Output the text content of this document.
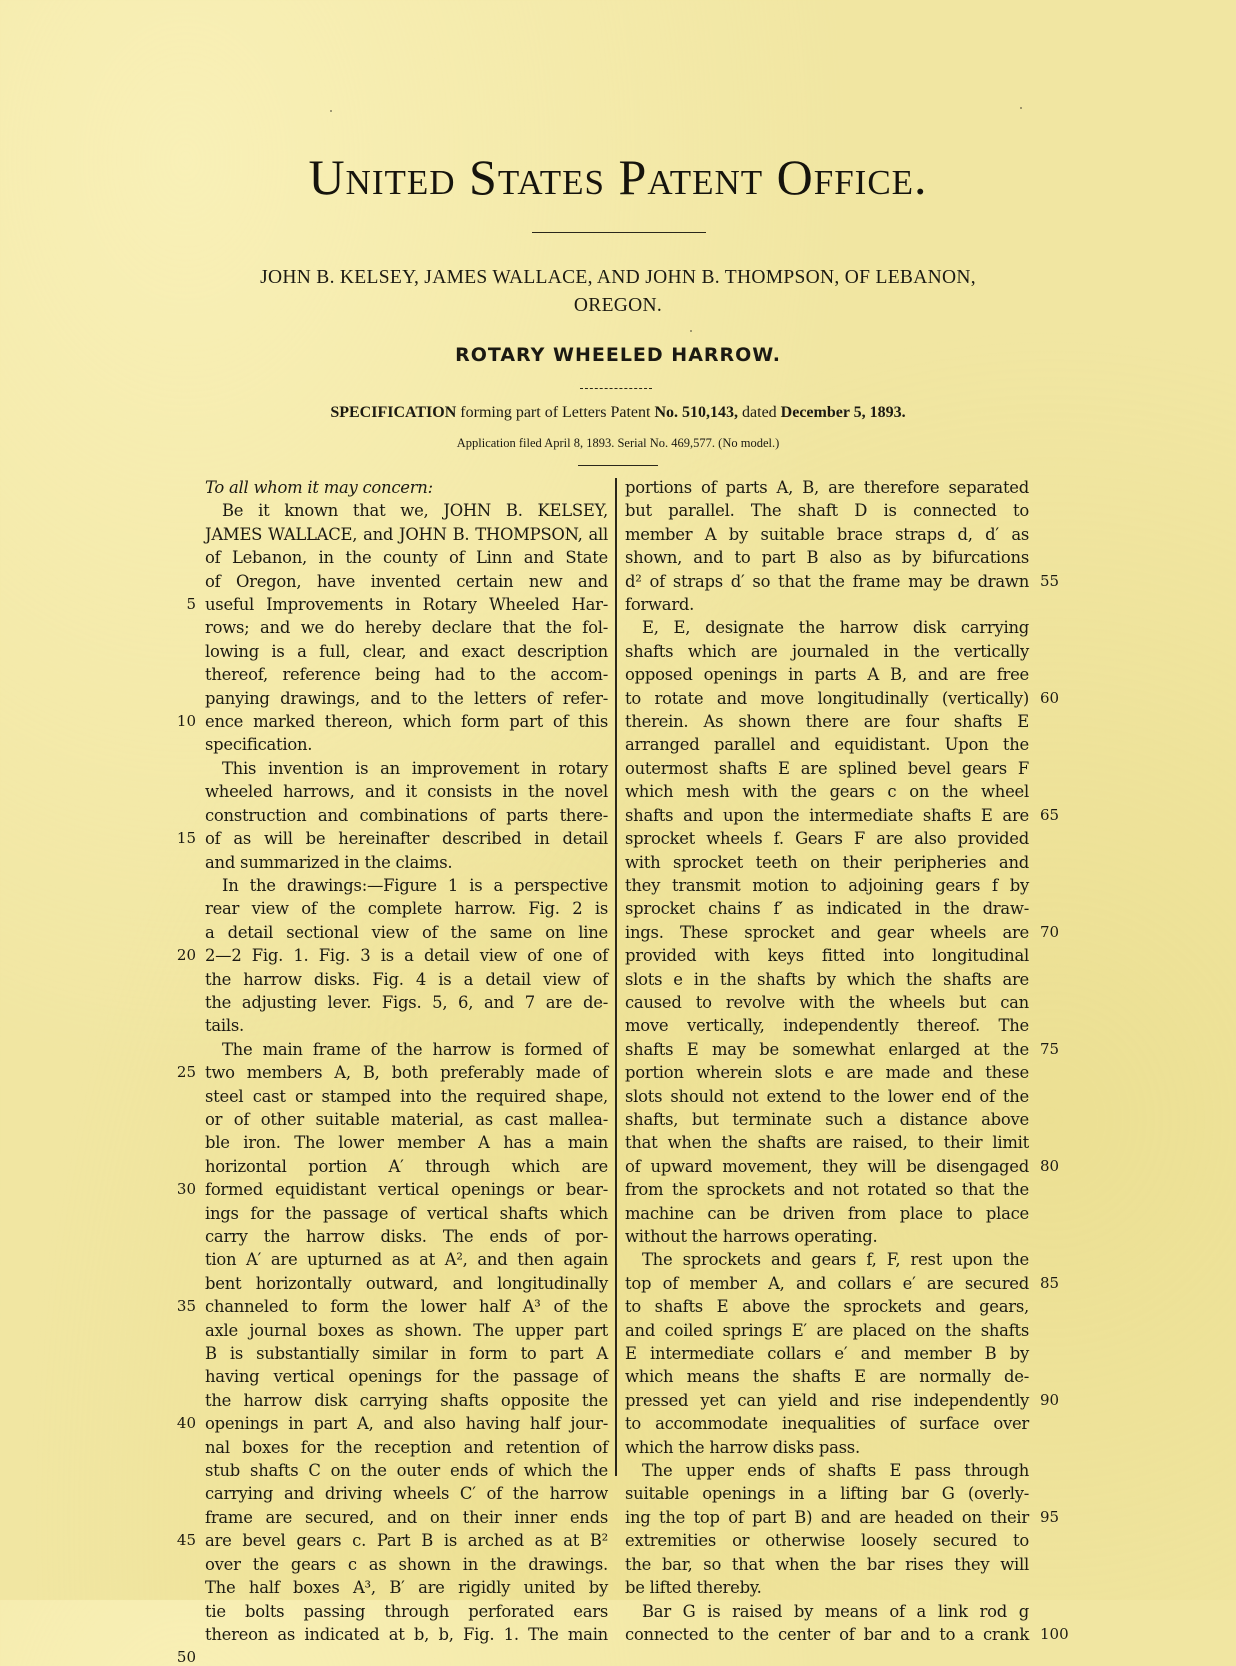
United States Patent Office.
JOHN B. KELSEY, JAMES WALLACE, AND JOHN B. THOMPSON, OF LEBANON,
OREGON.
ROTARY WHEELED HARROW.
SPECIFICATION forming part of Letters Patent No. 510,143, dated December 5, 1893.
Application filed April 8, 1893. Serial No. 469,577. (No model.)
To all whom it may concern:
Be it known that we, JOHN B. KELSEY,
JAMES WALLACE, and JOHN B. THOMPSON, all
of Lebanon, in the county of Linn and State
of Oregon, have invented certain new and
useful Improvements in Rotary Wheeled Har-
rows; and we do hereby declare that the fol-
lowing is a full, clear, and exact description
thereof, reference being had to the accom-
panying drawings, and to the letters of refer-
ence marked thereon, which form part of this
specification.
This invention is an improvement in rotary
wheeled harrows, and it consists in the novel
construction and combinations of parts there-
of as will be hereinafter described in detail
and summarized in the claims.
In the drawings:—Figure 1 is a perspective
rear view of the complete harrow. Fig. 2 is
a detail sectional view of the same on line
2—2 Fig. 1. Fig. 3 is a detail view of one of
the harrow disks. Fig. 4 is a detail view of
the adjusting lever. Figs. 5, 6, and 7 are de-
tails.
The main frame of the harrow is formed of
two members A, B, both preferably made of
steel cast or stamped into the required shape,
or of other suitable material, as cast mallea-
ble iron. The lower member A has a main
horizontal portion A′ through which are
formed equidistant vertical openings or bear-
ings for the passage of vertical shafts which
carry the harrow disks. The ends of por-
tion A′ are upturned as at A², and then again
bent horizontally outward, and longitudinally
channeled to form the lower half A³ of the
axle journal boxes as shown. The upper part
B is substantially similar in form to part A
having vertical openings for the passage of
the harrow disk carrying shafts opposite the
openings in part A, and also having half jour-
nal boxes for the reception and retention of
stub shafts C on the outer ends of which the
carrying and driving wheels C′ of the harrow
frame are secured, and on their inner ends
are bevel gears c. Part B is arched as at B²
over the gears c as shown in the drawings.
The half boxes A³, B′ are rigidly united by
tie bolts passing through perforated ears
thereon as indicated at b, b, Fig. 1. The main
portions of parts A, B, are therefore separated
but parallel. The shaft D is connected to
member A by suitable brace straps d, d′ as
shown, and to part B also as by bifurcations
d² of straps d′ so that the frame may be drawn
forward.
E, E, designate the harrow disk carrying
shafts which are journaled in the vertically
opposed openings in parts A B, and are free
to rotate and move longitudinally (vertically)
therein. As shown there are four shafts E
arranged parallel and equidistant. Upon the
outermost shafts E are splined bevel gears F
which mesh with the gears c on the wheel
shafts and upon the intermediate shafts E are
sprocket wheels f. Gears F are also provided
with sprocket teeth on their peripheries and
they transmit motion to adjoining gears f by
sprocket chains f′ as indicated in the draw-
ings. These sprocket and gear wheels are
provided with keys fitted into longitudinal
slots e in the shafts by which the shafts are
caused to revolve with the wheels but can
move vertically, independently thereof. The
shafts E may be somewhat enlarged at the
portion wherein slots e are made and these
slots should not extend to the lower end of the
shafts, but terminate such a distance above
that when the shafts are raised, to their limit
of upward movement, they will be disengaged
from the sprockets and not rotated so that the
machine can be driven from place to place
without the harrows operating.
The sprockets and gears f, F, rest upon the
top of member A, and collars e′ are secured
to shafts E above the sprockets and gears,
and coiled springs E′ are placed on the shafts
E intermediate collars e′ and member B by
which means the shafts E are normally de-
pressed yet can yield and rise independently
to accommodate inequalities of surface over
which the harrow disks pass.
The upper ends of shafts E pass through
suitable openings in a lifting bar G (overly-
ing the top of part B) and are headed on their
extremities or otherwise loosely secured to
the bar, so that when the bar rises they will
be lifted thereby.
Bar G is raised by means of a link rod g
connected to the center of bar and to a crank
5
10
15
20
25
30
35
40
45
50
55
60
65
70
75
80
85
90
95
100
